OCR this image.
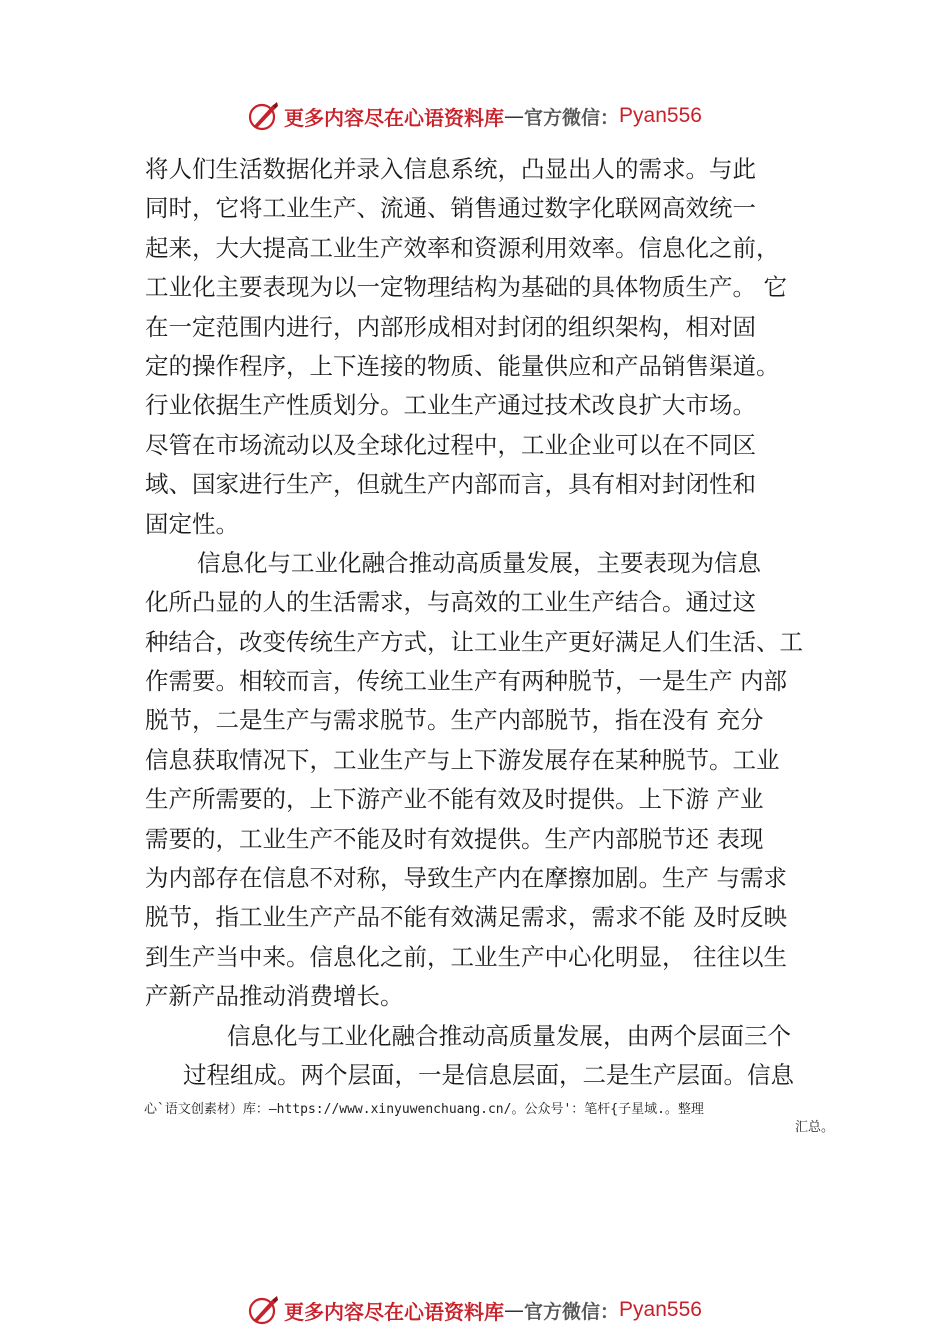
更多内容尽在心语资料库 — 官方微信： Pyan556
将人们生活数据化并录入信息系统，凸显出人的需求。与此
同时，它将工业生产、流通、销售通过数字化联网高效统一
起来，大大提高工业生产效率和资源利用效率。信息化之前，
工业化主要表现为以一定物理结构为基础的具体物质生产。 它
在一定范围内进行，内部形成相对封闭的组织架构，相对固
定的操作程序，上下连接的物质、能量供应和产品销售渠道。
行业依据生产性质划分。工业生产通过技术改良扩大市场。
尽管在市场流动以及全球化过程中，工业企业可以在不同区
域、国家进行生产，但就生产内部而言，具有相对封闭性和
固定性。
信息化与工业化融合推动高质量发展，主要表现为信息
化所凸显的人的生活需求，与高效的工业生产结合。通过这
种结合，改变传统生产方式，让工业生产更好满足人们生活、工
作需要。相较而言，传统工业生产有两种脱节，一是生产 内部
脱节，二是生产与需求脱节。生产内部脱节，指在没有 充分
信息获取情况下，工业生产与上下游发展存在某种脱节。工业
生产所需要的，上下游产业不能有效及时提供。上下游 产业
需要的，工业生产不能及时有效提供。生产内部脱节还 表现
为内部存在信息不对称，导致生产内在摩擦加剧。生产 与需求
脱节，指工业生产产品不能有效满足需求，需求不能 及时反映
到生产当中来。信息化之前，工业生产中心化明显， 往往以生
产新产品推动消费增长。
信息化与工业化融合推动高质量发展，由两个层面三个
过程组成。两个层面，一是信息层面，二是生产层面。信息
心`语文创素材）库：—https://www.xinyuwenchuang.cn/。公众号'：笔杆{子星域.。整理
汇总。
更多内容尽在心语资料库 — 官方微信： Pyan556
